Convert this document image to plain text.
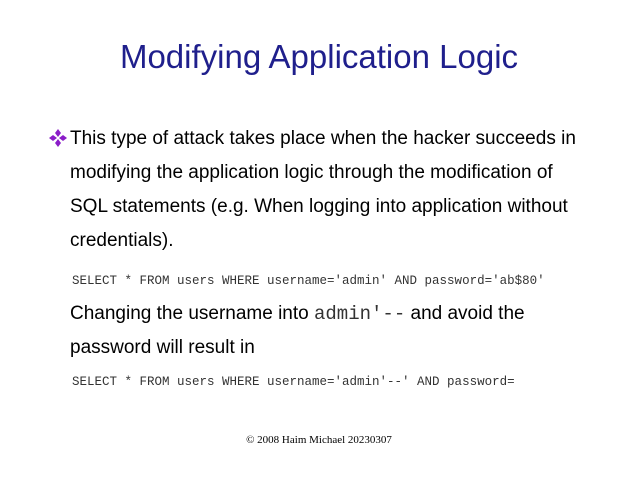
Modifying Application Logic
This type of attack takes place when the hacker succeeds in
modifying the application logic through the modification of
SQL statements (e.g. When logging into application without
credentials).
SELECT * FROM users WHERE username='admin' AND password='ab$80'
Changing the username into admin'-- and avoid the
password will result in
SELECT * FROM users WHERE username='admin'--' AND password=
© 2008 Haim Michael 20230307
